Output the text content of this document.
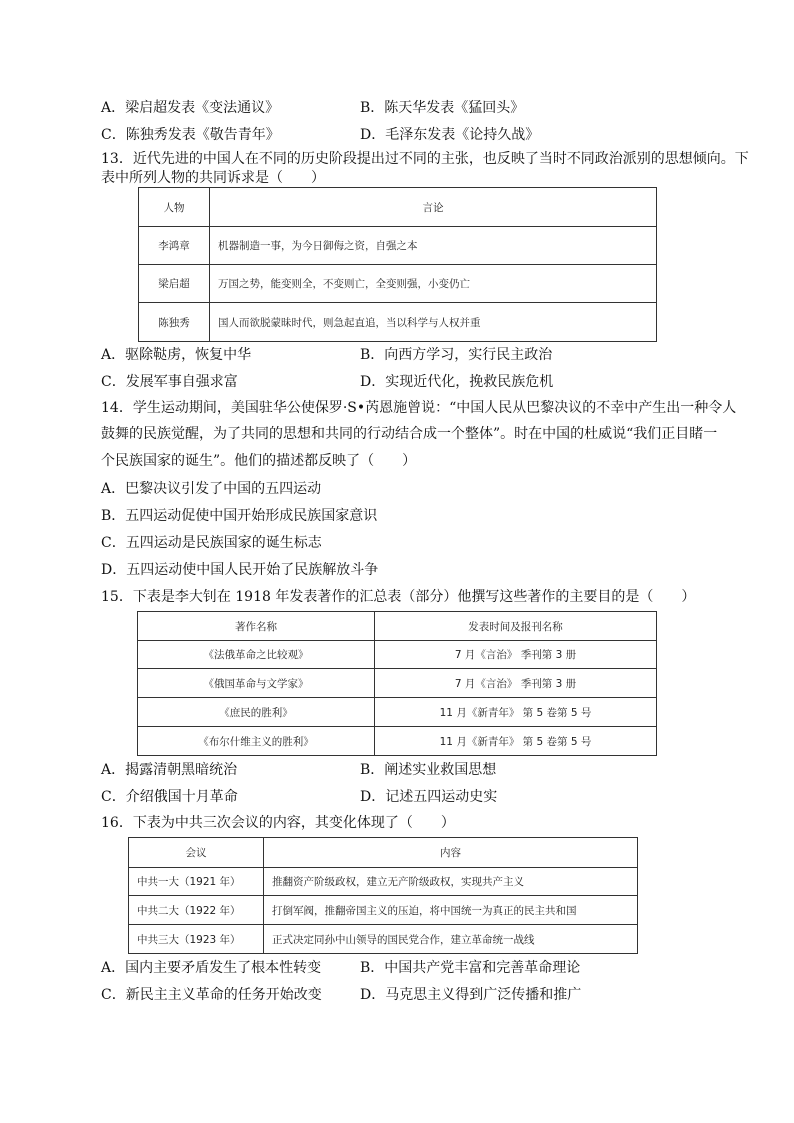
A．梁启超发表《变法通议》	B．陈天华发表《猛回头》
C．陈独秀发表《敬告青年》	D．毛泽东发表《论持久战》
13．近代先进的中国人在不同的历史阶段提出过不同的主张，也反映了当时不同政治派别的思想倾向。下
表中所列人物的共同诉求是（　　）
人物	言论
李鸿章	机器制造一事，为今日御侮之资，自强之本
梁启超	万国之势，能变则全，不变则亡，全变则强，小变仍亡
陈独秀	国人而欲脱蒙昧时代，则急起直追，当以科学与人权并重
A．驱除鞑虏，恢复中华	B．向西方学习，实行民主政治
C．发展军事自强求富	D．实现近代化，挽救民族危机
14．学生运动期间，美国驻华公使保罗·S•芮恩施曾说：“中国人民从巴黎决议的不幸中产生出一种令人
鼓舞的民族觉醒，为了共同的思想和共同的行动结合成一个整体”。时在中国的杜威说“我们正目睹一
个民族国家的诞生”。他们的描述都反映了（　　）
A．巴黎决议引发了中国的五四运动
B．五四运动促使中国开始形成民族国家意识
C．五四运动是民族国家的诞生标志
D．五四运动使中国人民开始了民族解放斗争
15．下表是李大钊在 1918 年发表著作的汇总表（部分）他撰写这些著作的主要目的是（　　）
著作名称	发表时间及报刊名称
《法俄革命之比较观》	7 月《言治》 季刊第 3 册
《俄国革命与文学家》	7 月《言治》 季刊第 3 册
《庶民的胜利》	11 月《新青年》 第 5 卷第 5 号
《布尔什维主义的胜利》	11 月《新青年》 第 5 卷第 5 号
A．揭露清朝黑暗统治	B．阐述实业救国思想
C．介绍俄国十月革命	D．记述五四运动史实
16．下表为中共三次会议的内容，其变化体现了（　　）
会议	内容
中共一大（1921 年）	推翻资产阶级政权，建立无产阶级政权，实现共产主义
中共二大（1922 年）	打倒军阀，推翻帝国主义的压迫，将中国统一为真正的民主共和国
中共三大（1923 年）	正式决定同孙中山领导的国民党合作，建立革命统一战线
A．国内主要矛盾发生了根本性转变	B．中国共产党丰富和完善革命理论
C．新民主主义革命的任务开始改变	D．马克思主义得到广泛传播和推广
